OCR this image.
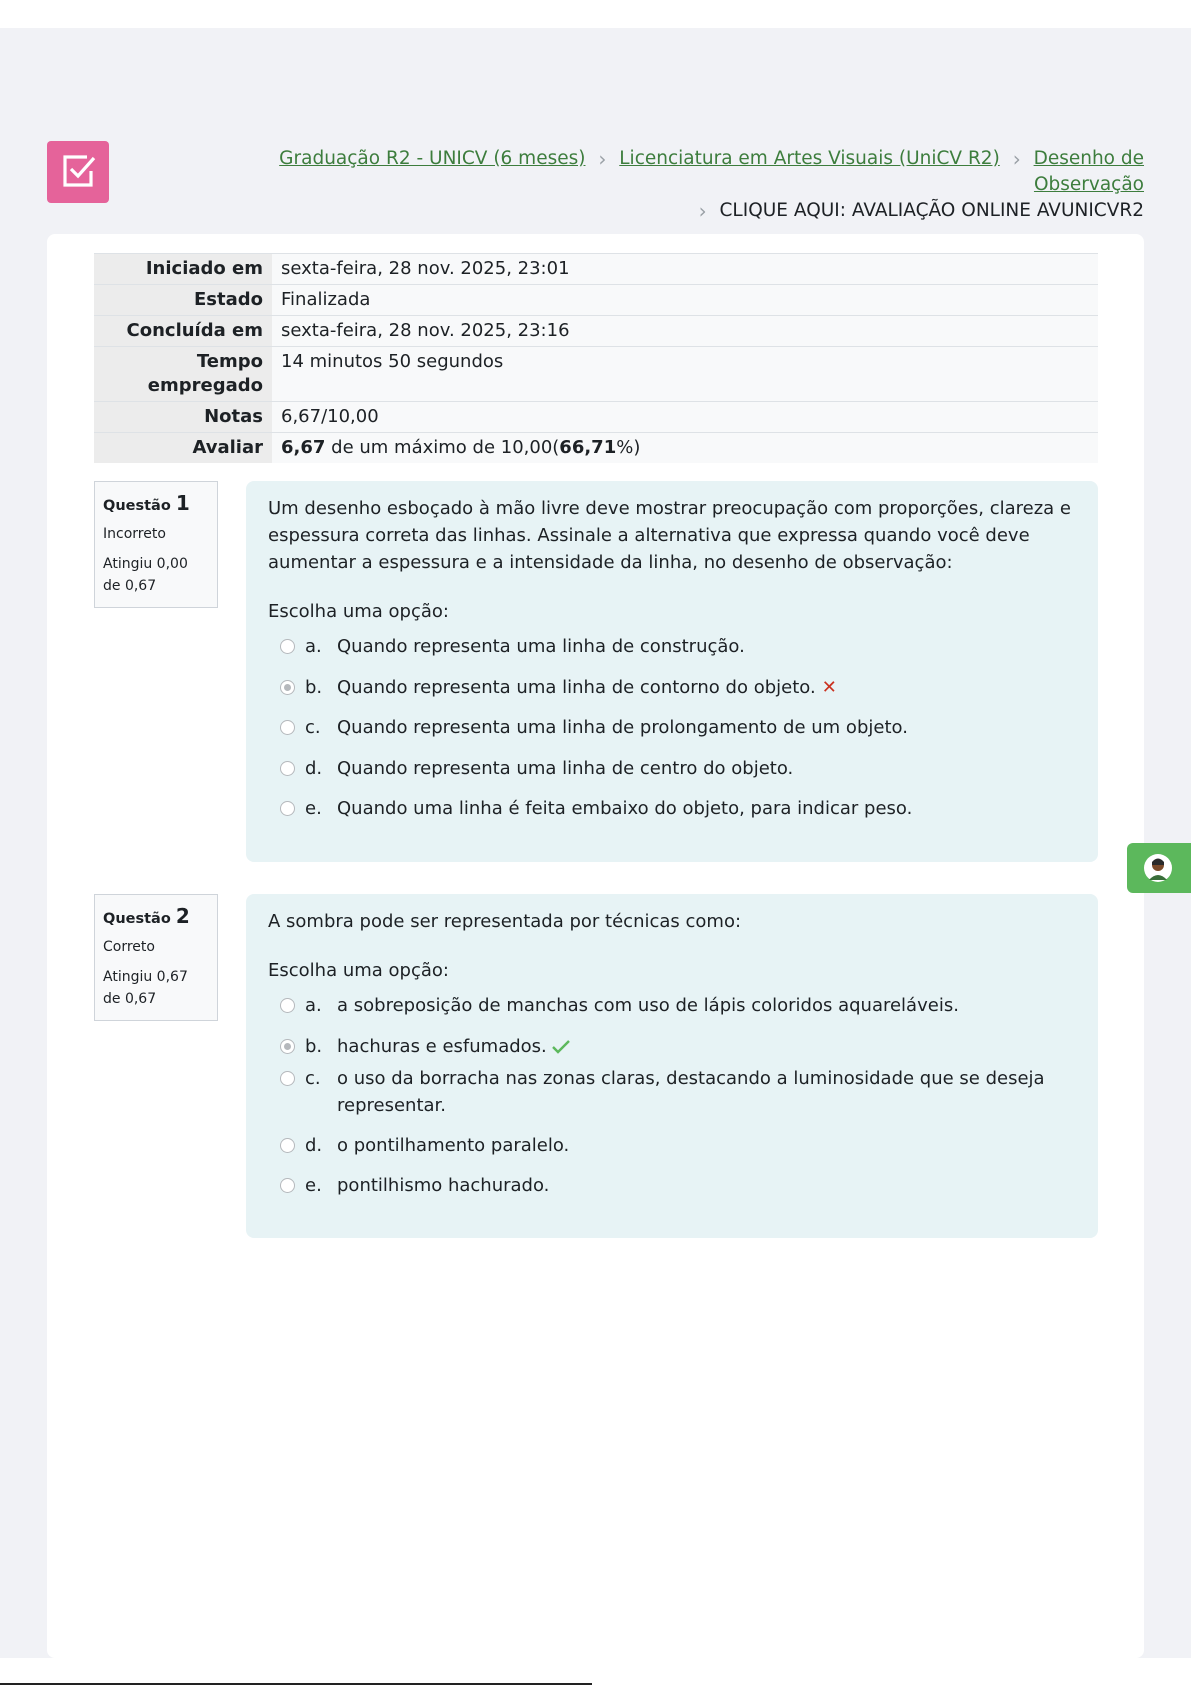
Graduação R2 - UNICV (6 meses) › Licenciatura em Artes Visuais (UniCV R2) › Desenho de Observação
› CLIQUE AQUI: AVALIAÇÃO ONLINE AVUNICVR2
Iniciado em	sexta-feira, 28 nov. 2025, 23:01
Estado	Finalizada
Concluída em	sexta-feira, 28 nov. 2025, 23:16
Tempo empregado	14 minutos 50 segundos
Notas	6,67/10,00
Avaliar	6,67 de um máximo de 10,00(66,71%)
Questão 1
Incorreto
Atingiu 0,00 de 0,67
Um desenho esboçado à mão livre deve mostrar preocupação com proporções, clareza e espessura correta das linhas. Assinale a alternativa que expressa quando você deve aumentar a espessura e a intensidade da linha, no desenho de observação:
Escolha uma opção:
a. Quando representa uma linha de construção.
b. Quando representa uma linha de contorno do objeto. ✕
c. Quando representa uma linha de prolongamento de um objeto.
d. Quando representa uma linha de centro do objeto.
e. Quando uma linha é feita embaixo do objeto, para indicar peso.
Questão 2
Correto
Atingiu 0,67 de 0,67
A sombra pode ser representada por técnicas como:
Escolha uma opção:
a. a sobreposição de manchas com uso de lápis coloridos aquareláveis.
b. hachuras e esfumados.
c. o uso da borracha nas zonas claras, destacando a luminosidade que se deseja representar.
d. o pontilhamento paralelo.
e. pontilhismo hachurado.
